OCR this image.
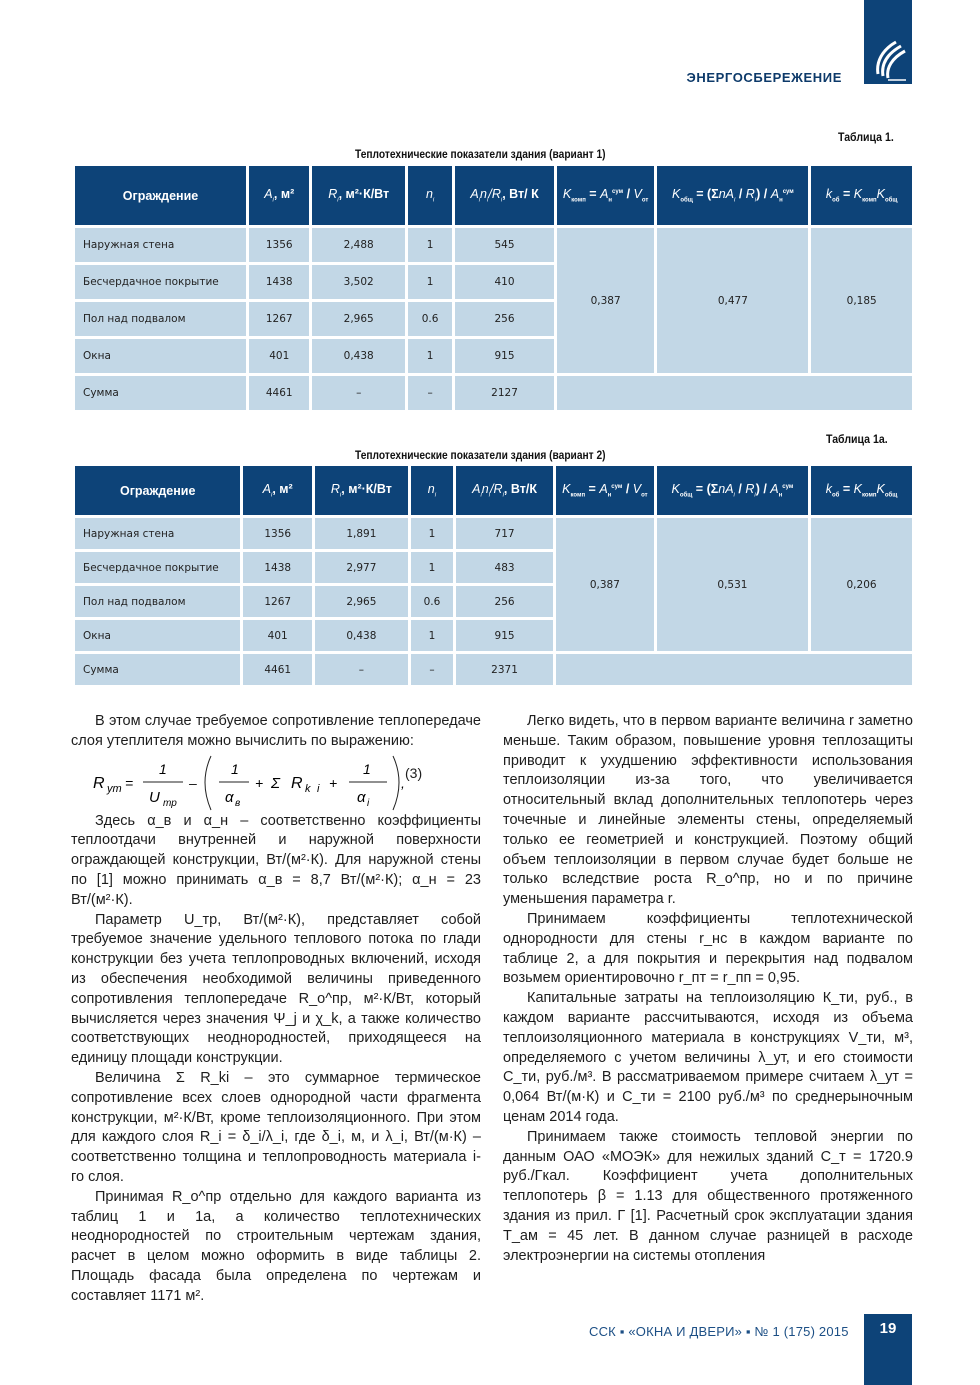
ЭНЕРГОСБЕРЕЖЕНИЕ
Таблица 1.
Теплотехнические показатели здания (вариант 1)
Ограждение	$A_i$, м²	$R_i$, м²·К/Вт	$n_i$	$A_in_i/R_i$, Вт/ К	$K_{комп} = A_н^{сум} / V_{от}$	$K_{общ} = (\Sigma nA_i / R_i) / A_н^{сум}$	$k_{об} = K_{комп}K_{общ}$
Наружная стена	1356	2,488	1	545	0,387	0,477	0,185
Бесчердачное покрытие	1438	3,502	1	410			
Пол над подвалом	1267	2,965	0.6	256			
Окна	401	0,438	1	915			
Сумма	4461	–	–	2127			
Таблица 1а.
Теплотехнические показатели здания (вариант 2)
Ограждение	$A_i$, м²	$R_i$, м²·К/Вт	$n_i$	$A_in_i/R_i$, Вт/К	$K_{комп} = A_н^{сум} / V_{от}$	$K_{общ} = (\Sigma nA_i / R_i) / A_н^{сум}$	$k_{об} = K_{комп}K_{общ}$
Наружная стена	1356	1,891	1	717	0,387	0,531	0,206
Бесчердачное покрытие	1438	2,977	1	483			
Пол над подвалом	1267	2,965	0.6	256			
Окна	401	0,438	1	915			
Сумма	4461	–	–	2371			

В этом случае требуемое сопротивление теплопередаче слоя утеплителя можно вычислить по выражению:

R ут =
1
U тр
–
1
α в
+ Σ R k i +
1
α i
,
(3)

Здесь α_в и α_н – соответственно коэффициенты теплоотдачи внутренней и наружной поверхности ограждающей конструкции, Вт/(м²·К). Для наружной стены по [1] можно принимать α_в = 8,7 Вт/(м²·К); α_н = 23 Вт/(м²·К).

Параметр U_тр, Вт/(м²·К), представляет собой требуемое значение удельного теплового потока по глади конструкции без учета теплопроводных включений, исходя из обеспечения необходимой величины приведенного сопротивления теплопередаче R_о^пр, м²·К/Вт, который вычисляется через значения Ψ_j и χ_k, а также количество соответствующих неоднородностей, приходящееся на единицу площади конструкции.

Величина Σ R_ki – это суммарное термическое сопротивление всех слоев однородной части фрагмента конструкции, м²·К/Вт, кроме теплоизоляционного. При этом для каждого слоя R_i = δ_i/λ_i, где δ_i, м, и λ_i, Вт/(м·К) – соответственно толщина и теплопроводность материала i-го слоя.

Принимая R_о^пр отдельно для каждого варианта из таблиц 1 и 1а, а количество теплотехнических неоднородностей по строительным чертежам здания, расчет в целом можно оформить в виде таблицы 2. Площадь фасада была определена по чертежам и составляет 1171 м².

Легко видеть, что в первом варианте величина r заметно меньше. Таким образом, повышение уровня теплозащиты приводит к ухудшению эффективности использования теплоизоляции из-за того, что увеличивается относительный вклад дополнительных теплопотерь через точечные и линейные элементы стены, определяемый только ее геометрией и конструкцией. Поэтому общий объем теплоизоляции в первом случае будет больше не только вследствие роста R_о^пр, но и по причине уменьшения параметра r.

Принимаем коэффициенты теплотехнической однородности для стены r_нс в каждом варианте по таблице 2, а для покрытия и перекрытия над подвалом возьмем ориентировочно r_пт = r_пп = 0,95.

Капитальные затраты на теплоизоляцию К_ти, руб., в каждом варианте рассчитываются, исходя из объема теплоизоляционного материала в конструкциях V_ти, м³, определяемого с учетом величины λ_ут, и его стоимости С_ти, руб./м³. В рассматриваемом примере считаем λ_ут = 0,064 Вт/(м·К) и С_ти = 2100 руб./м³ по среднерыночным ценам 2014 года.

Принимаем также стоимость тепловой энергии по данным ОАО «МОЭК» для нежилых зданий С_т = 1720.9 руб./Гкал. Коэффициент учета дополнительных теплопотерь β = 1.13 для общественного протяженного здания из прил. Г [1]. Расчетный срок эксплуатации здания T_ам = 45 лет. В данном случае разницей в расходе электроэнергии на системы отопления

ССК ▪ «ОКНА И ДВЕРИ» ▪ № 1 (175) 2015	19
